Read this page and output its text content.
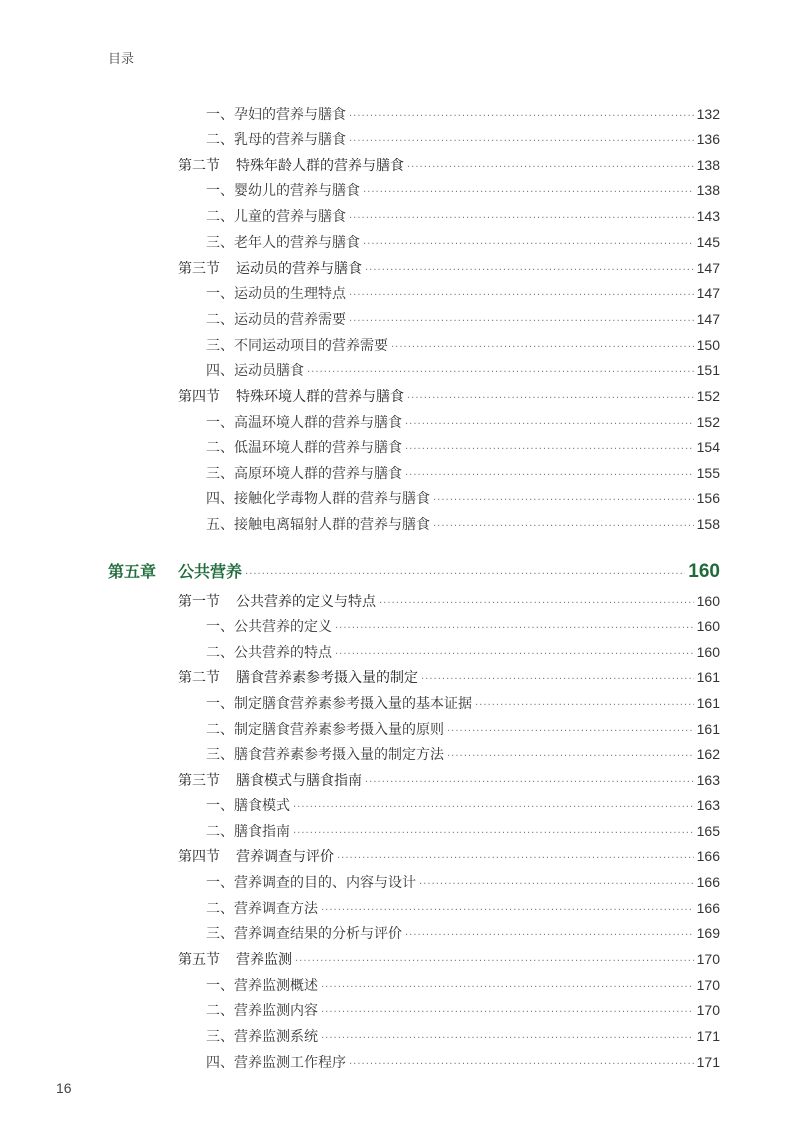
目录
一、孕妇的营养与膳食 ·····	132
二、乳母的营养与膳食 ·····	136
第二节 特殊年龄人群的营养与膳食 ·····	138
一、婴幼儿的营养与膳食 ·····	138
二、儿童的营养与膳食 ·····	143
三、老年人的营养与膳食 ·····	145
第三节 运动员的营养与膳食 ·····	147
一、运动员的生理特点 ·····	147
二、运动员的营养需要 ·····	147
三、不同运动项目的营养需要 ·····	150
四、运动员膳食 ·····	151
第四节 特殊环境人群的营养与膳食 ·····	152
一、高温环境人群的营养与膳食 ·····	152
二、低温环境人群的营养与膳食 ·····	154
三、高原环境人群的营养与膳食 ·····	155
四、接触化学毒物人群的营养与膳食 ·····	156
五、接触电离辐射人群的营养与膳食 ·····	158
第五章 公共营养 ·····	160
第一节 公共营养的定义与特点 ·····	160
一、公共营养的定义 ·····	160
二、公共营养的特点 ·····	160
第二节 膳食营养素参考摄入量的制定 ·····	161
一、制定膳食营养素参考摄入量的基本证据 ·····	161
二、制定膳食营养素参考摄入量的原则 ·····	161
三、膳食营养素参考摄入量的制定方法 ·····	162
第三节 膳食模式与膳食指南 ·····	163
一、膳食模式 ·····	163
二、膳食指南 ·····	165
第四节 营养调查与评价 ·····	166
一、营养调查的目的、内容与设计 ·····	166
二、营养调查方法 ·····	166
三、营养调查结果的分析与评价 ·····	169
第五节 营养监测 ·····	170
一、营养监测概述 ·····	170
二、营养监测内容 ·····	170
三、营养监测系统 ·····	171
四、营养监测工作程序 ·····	171
16
